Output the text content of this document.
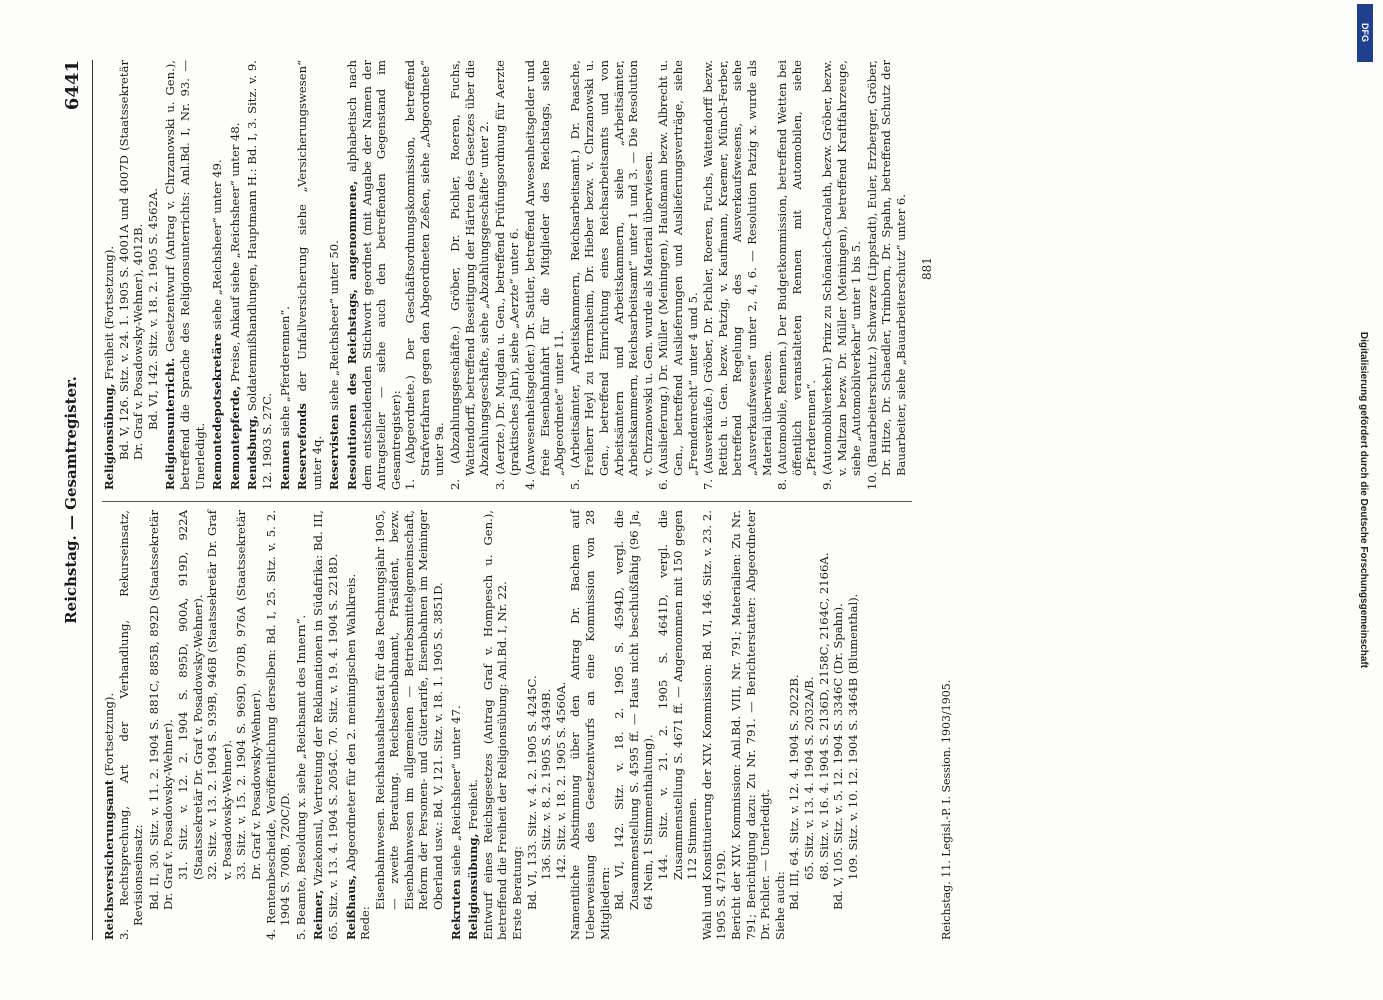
Reichstag. — Gesamtregister.
6441
Reichsversicherungsamt (Fortsetzung). 3. Rechtsprechung, Art der Verhandlung, Rekurseinsatz, Revisionseinsatz: Bd. II, 30. Sitz. v. 11. 2. 1904 S. 881C, 885B, 892D (Staatssekretär Dr. Graf v. Posadowsky-Wehner). 31. Sitz. v. 12. 2. 1904 S. 895D, 900A, 919D, 922A (Staatssekretär Dr. Graf v. Posadowsky-Wehner). 32. Sitz. v. 13. 2. 1904 S. 939B, 946B (Staatssekretär Dr. Graf v. Posadowsky-Wehner). 33. Sitz. v. 15. 2. 1904 S. 969D, 970B, 976A (Staatssekretär Dr. Graf v. Posadowsky-Wehner). 4. Rentenbescheide, Veröffentlichung derselben: Bd. I, 25. Sitz. v. 5. 2. 1904 S. 700B, 720C/D. 5. Beamte, Besoldung x. siehe „Reichsamt des Innern“. Reimer, Vizekonsul, Vertretung der Reklamationen in Südafrika: Bd. III, 65. Sitz. v. 13. 4. 1904 S. 2054C. 70. Sitz. v. 19. 4. 1904 S. 2218D. Reißhaus, Abgeordneter für den 2. meiningischen Wahlkreis.
Rede:
Eisenbahnwesen. Reichshaushaltsetat für das Rechnungsjahr 1905, — zweite Beratung. Reichseisenbahnamt, Präsident, bezw. Eisenbahnwesen im allgemeinen — Betriebsmittelgemeinschaft, Reform der Personen- und Gütertarife, Eisenbahnen im Meininger Oberland usw.: Bd. V, 121. Sitz. v. 18. 1. 1905 S. 3851D. Rekruten siehe „Reichsheer“ unter 47.
Religionsübung, Freiheit. Entwurf eines Reichsgesetzes (Antrag Graf v. Hompesch u. Gen.), betreffend die Freiheit der Religionsübung: Anl.Bd. I, Nr. 22. Erste Beratung: Bd. VI, 133. Sitz. v. 4. 2. 1905 S. 4245C. 136. Sitz. v. 8. 2. 1905 S. 4349B. 142. Sitz. v. 18. 2. 1905 S. 4560A. Namentliche Abstimmung über den Antrag Dr. Bachem auf Ueberweisung des Gesetzentwurfs an eine Kommission von 28 Mitgliedern: Bd. VI, 142. Sitz. v. 18. 2. 1905 S. 4594D, vergl. die Zusammenstellung S. 4595 ff. — Haus nicht beschlußfähig (96 Ja, 64 Nein, 1 Stimmenthaltung). 144. Sitz. v. 21. 2. 1905 S. 4641D, vergl. die Zusammenstellung S. 4671 ff. — Angenommen mit 150 gegen 112 Stimmen. Wahl und Konstituierung der XIV. Kommission: Bd. VI, 146. Sitz. v. 23. 2. 1905 S. 4719D. Bericht der XIV. Kommission: Anl.Bd. VIII, Nr. 791; Materialien: Zu Nr. 791; Berichtigung dazu: Zu Nr. 791. — Berichterstatter: Abgeordneter Dr. Pichler. — Unerledigt. Siehe auch: Bd. III, 64. Sitz. v. 12. 4. 1904 S. 2022B. 65. Sitz. v. 13. 4. 1904 S. 2032A/B. 68. Sitz. v. 16. 4. 1904 S. 2136D, 2158C, 2164C, 2166A. Bd. V, 105. Sitz. v. 5. 12. 1904 S. 3346C (Dr. Spahn). 109. Sitz. v. 10. 12. 1904 S. 3464B (Blumenthal).
Religionsübung, Freiheit (Fortsetzung). Bd. V, 126. Sitz. v. 24. 1. 1905 S. 4001A und 4007D (Staatssekretär Dr. Graf v. Posadowsky-Wehner), 4012B. Bd. VI, 142. Sitz. v. 18. 2. 1905 S. 4562A. Religionsunterricht. Gesetzentwurf (Antrag v. Chrzanowski u. Gen.), betreffend die Sprache des Religionsunterrichts: Anl.Bd. I, Nr. 93. — Unerledigt. Remontedepotsekretäre siehe „Reichsheer“ unter 49.
Remontepferde, Preise, Ankauf siehe „Reichsheer“ unter 48.
Rendsburg, Soldatenmißhandlungen, Hauptmann H.: Bd. I, 3. Sitz. v. 9. 12. 1903 S. 27C. Rennen siehe „Pferderennen“.
Reservefonds der Unfallversicherung siehe „Versicherungswesen“ unter 4q. Reservisten siehe „Reichsheer“ unter 50. Resolutionen des Reichstags, angenommene, alphabetisch nach dem entscheidenden Stichwort geordnet (mit Angabe der Namen der Antragsteller — siehe auch den betreffenden Gegenstand im Gesamtregister): 1. (Abgeordnete.) Der Geschäftsordnungskommission, betreffend Strafverfahren gegen den Abgeordneten Zeßen, siehe „Abgeordnete“ unter 9a. 2. (Abzahlungsgeschäfte.) Gröber, Dr. Pichler, Roeren, Fuchs, Wattendorff, betreffend Beseitigung der Härten des Gesetzes über die Abzahlungsgeschäfte, siehe „Abzahlungsgeschäfte“ unter 2. 3. (Aerzte.) Dr. Mugdan u. Gen., betreffend Prüfungsordnung für Aerzte (praktisches Jahr), siehe „Aerzte“ unter 6. 4. (Anwesenheitsgelder.) Dr. Sattler, betreffend Anwesenheitsgelder und freie Eisenbahnfahrt für die Mitglieder des Reichstags, siehe „Abgeordnete“ unter 11. 5. (Arbeitsämter, Arbeitskammern, Reichsarbeitsamt.) Dr. Paasche, Freiherr Heyl zu Herrnsheim, Dr. Hieber bezw. v. Chrzanowski u. Gen., betreffend Einrichtung eines Reichsarbeitsamts und von Arbeitsämtern und Arbeitskammern, siehe „Arbeitsämter, Arbeitskammern, Reichsarbeitsamt“ unter 1 und 3. — Die Resolution v. Chrzanowski u. Gen. wurde als Material überwiesen. 6. (Auslieferung.) Dr. Müller (Meiningen), Haußmann bezw. Albrecht u. Gen., betreffend Auslieferungen und Auslieferungsverträge, siehe „Fremdenrecht“ unter 4 und 5. 7. (Ausverkäufe.) Gröber, Dr. Pichler, Roeren, Fuchs, Wattendorff bezw. Rettich u. Gen. bezw. Patzig, v. Kaufmann, Kraemer, Münch-Ferber, betreffend Regelung des Ausverkaufswesens, siehe „Ausverkaufswesen“ unter 2, 4, 6. — Resolution Patzig x. wurde als Material überwiesen. 8. (Automobile, Rennen.) Der Budgetkommission, betreffend Wetten bei öffentlich veranstalteten Rennen mit Automobilen, siehe „Pferderennen“. 9. (Automobilverkehr.) Prinz zu Schönaich-Carolath, bezw. Gröber, bezw. v. Maltzan bezw. Dr. Müller (Meiningen), betreffend Kraftfahrzeuge, siehe „Automobilverkehr“ unter 1 bis 5. 10. (Bauarbeiterschutz.) Schwarze (Lippstadt), Euler, Erzberger, Gröber, Dr. Hitze, Dr. Schaedler, Trimborn, Dr. Spahn, betreffend Schutz der Bauarbeiter, siehe „Bauarbeiterschutz“ unter 6.
Reichstag. 11. Legisl.-P. I. Session. 1903/1905.
881
DFG
Digitalisierung gefördert durch die Deutsche Forschungsgemeinschaft
